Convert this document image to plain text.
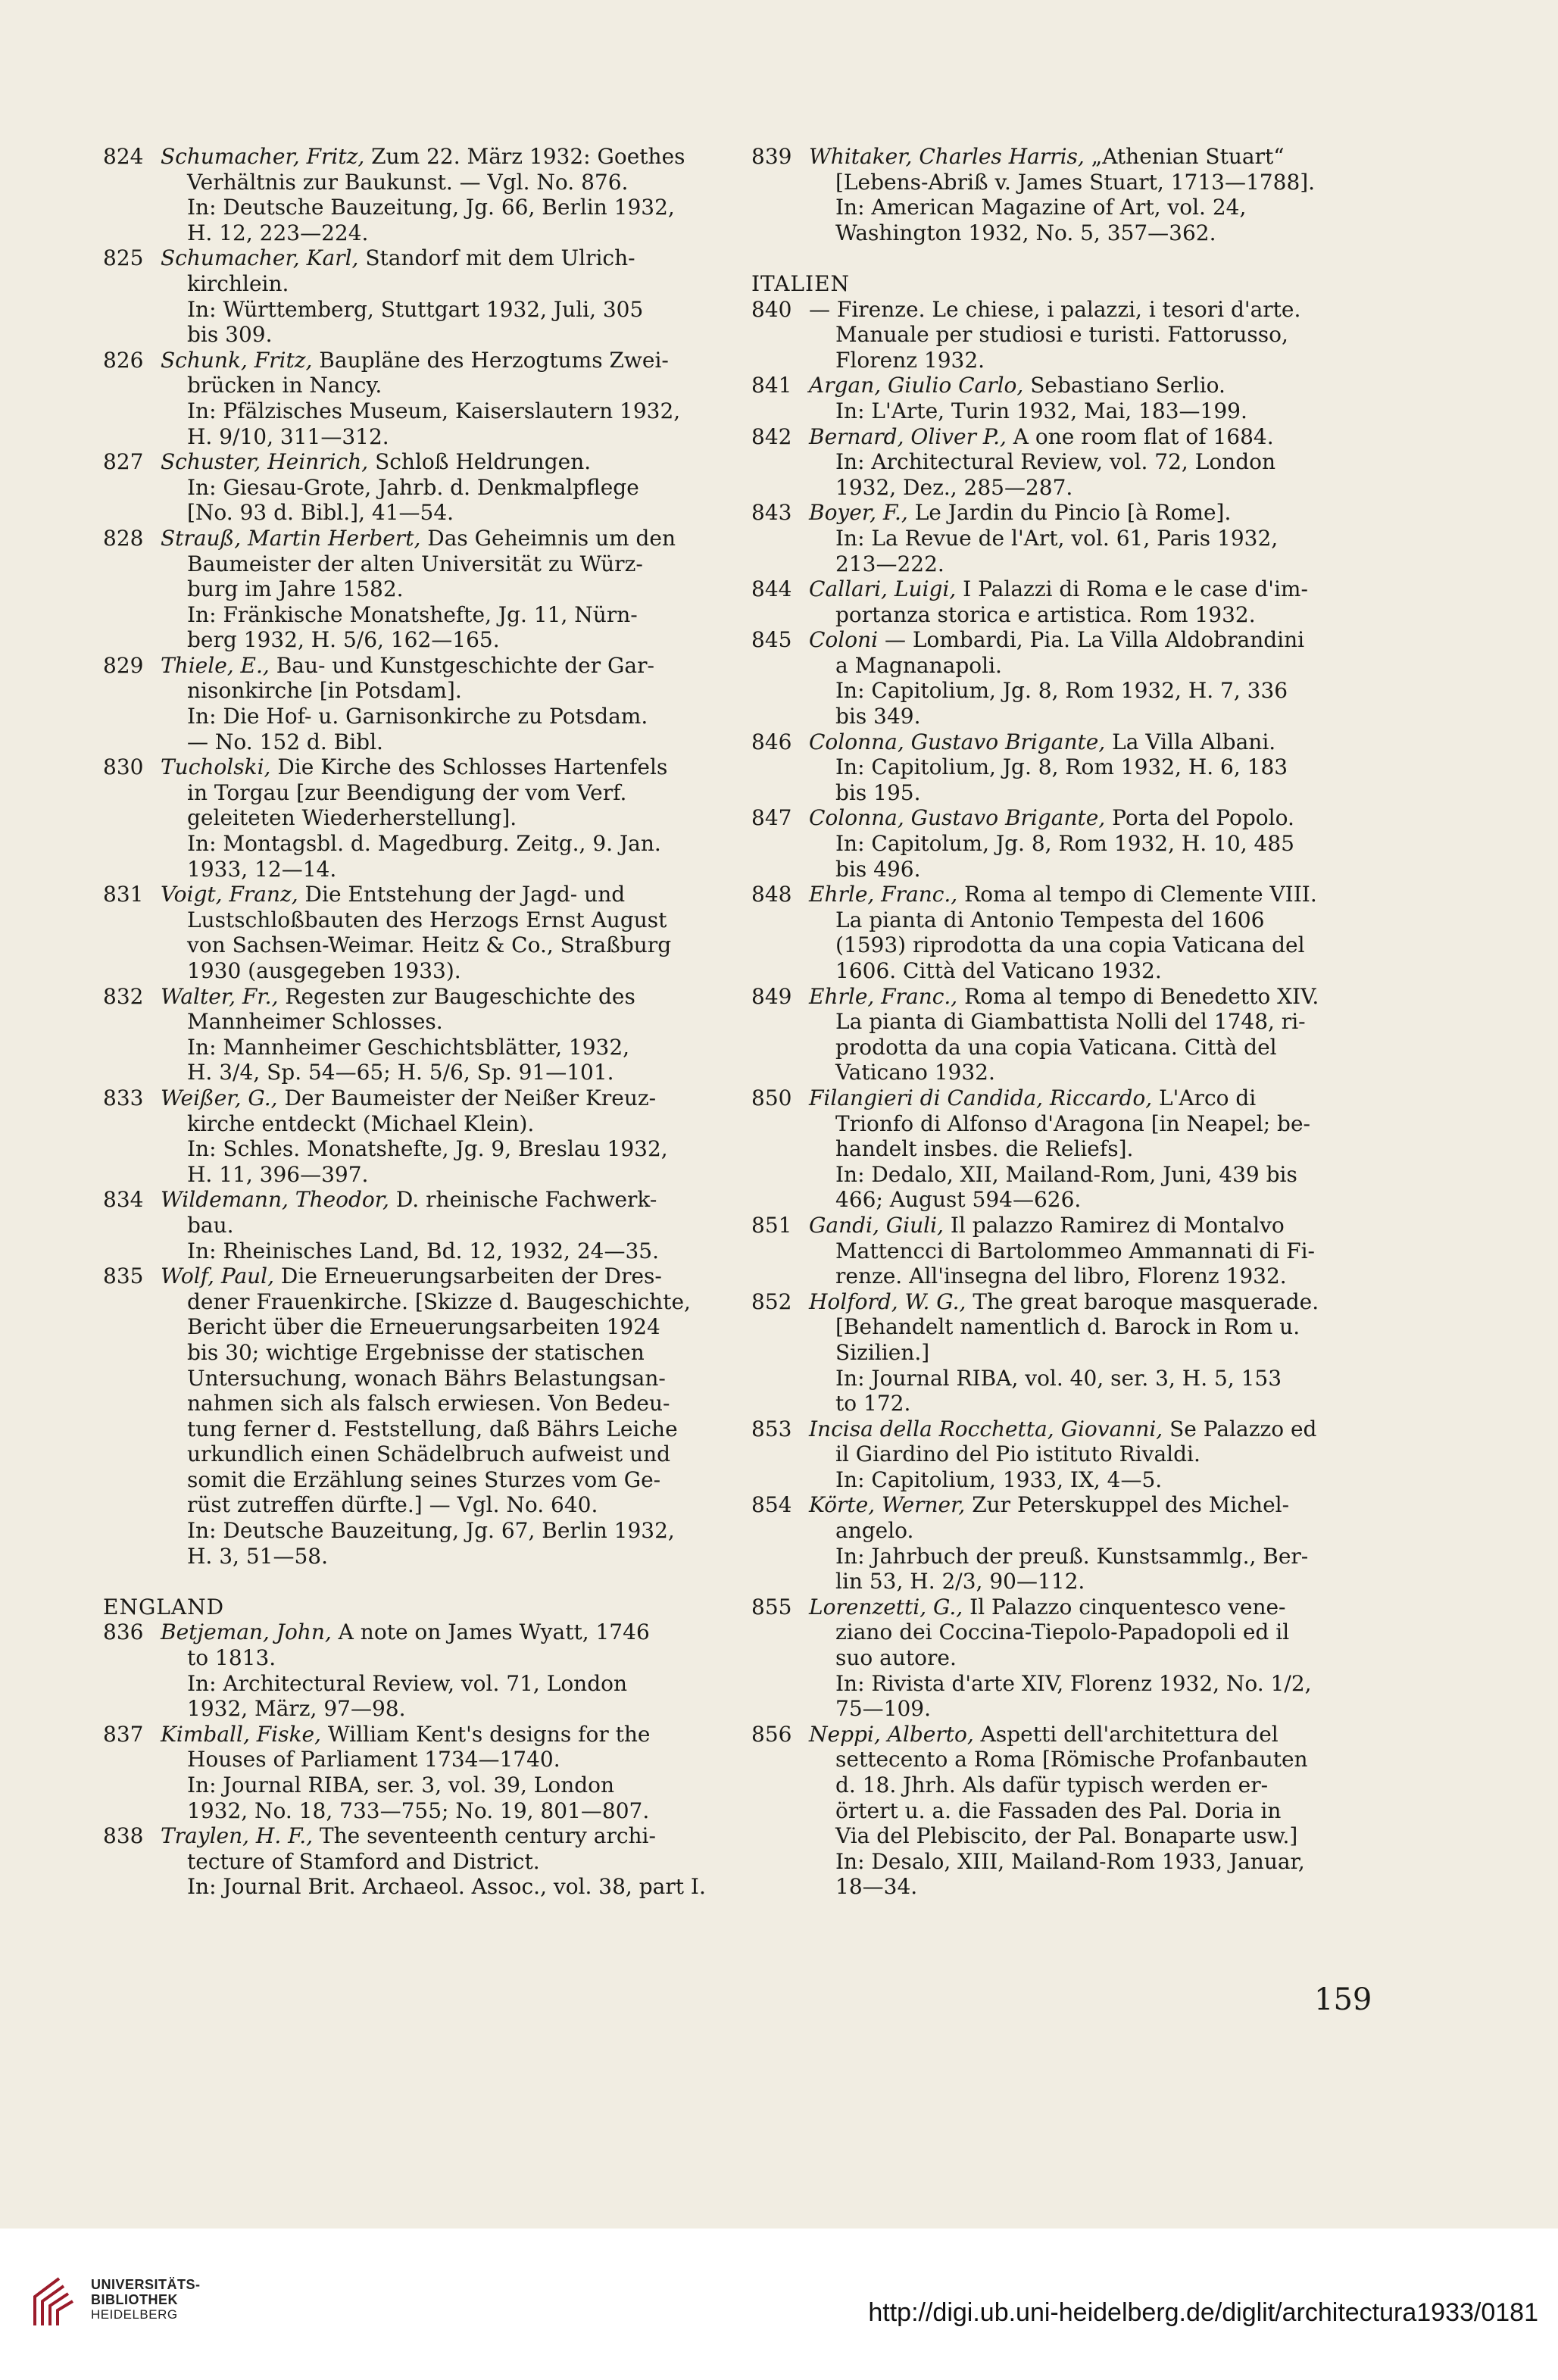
824 Schumacher, Fritz, Zum 22. März 1932: Goethes
Verhältnis zur Baukunst. — Vgl. No. 876.
In: Deutsche Bauzeitung, Jg. 66, Berlin 1932,
H. 12, 223—224.
825 Schumacher, Karl, Standorf mit dem Ulrich-
kirchlein.
In: Württemberg, Stuttgart 1932, Juli, 305
bis 309.
826 Schunk, Fritz, Baupläne des Herzogtums Zwei-
brücken in Nancy.
In: Pfälzisches Museum, Kaiserslautern 1932,
H. 9/10, 311—312.
827 Schuster, Heinrich, Schloß Heldrungen.
In: Giesau-Grote, Jahrb. d. Denkmalpflege
[No. 93 d. Bibl.], 41—54.
828 Strauß, Martin Herbert, Das Geheimnis um den
Baumeister der alten Universität zu Würz-
burg im Jahre 1582.
In: Fränkische Monatshefte, Jg. 11, Nürn-
berg 1932, H. 5/6, 162—165.
829 Thiele, E., Bau- und Kunstgeschichte der Gar-
nisonkirche [in Potsdam].
In: Die Hof- u. Garnisonkirche zu Potsdam.
— No. 152 d. Bibl.
830 Tucholski, Die Kirche des Schlosses Hartenfels
in Torgau [zur Beendigung der vom Verf.
geleiteten Wiederherstellung].
In: Montagsbl. d. Magedburg. Zeitg., 9. Jan.
1933, 12—14.
831 Voigt, Franz, Die Entstehung der Jagd- und
Lustschloßbauten des Herzogs Ernst August
von Sachsen-Weimar. Heitz & Co., Straßburg
1930 (ausgegeben 1933).
832 Walter, Fr., Regesten zur Baugeschichte des
Mannheimer Schlosses.
In: Mannheimer Geschichtsblätter, 1932,
H. 3/4, Sp. 54—65; H. 5/6, Sp. 91—101.
833 Weißer, G., Der Baumeister der Neißer Kreuz-
kirche entdeckt (Michael Klein).
In: Schles. Monatshefte, Jg. 9, Breslau 1932,
H. 11, 396—397.
834 Wildemann, Theodor, D. rheinische Fachwerk-
bau.
In: Rheinisches Land, Bd. 12, 1932, 24—35.
835 Wolf, Paul, Die Erneuerungsarbeiten der Dres-
dener Frauenkirche. [Skizze d. Baugeschichte,
Bericht über die Erneuerungsarbeiten 1924
bis 30; wichtige Ergebnisse der statischen
Untersuchung, wonach Bährs Belastungsan-
nahmen sich als falsch erwiesen. Von Bedeu-
tung ferner d. Feststellung, daß Bährs Leiche
urkundlich einen Schädelbruch aufweist und
somit die Erzählung seines Sturzes vom Ge-
rüst zutreffen dürfte.] — Vgl. No. 640.
In: Deutsche Bauzeitung, Jg. 67, Berlin 1932,
H. 3, 51—58.
ENGLAND
836 Betjeman, John, A note on James Wyatt, 1746
to 1813.
In: Architectural Review, vol. 71, London
1932, März, 97—98.
837 Kimball, Fiske, William Kent's designs for the
Houses of Parliament 1734—1740.
In: Journal RIBA, ser. 3, vol. 39, London
1932, No. 18, 733—755; No. 19, 801—807.
838 Traylen, H. F., The seventeenth century archi-
tecture of Stamford and District.
In: Journal Brit. Archaeol. Assoc., vol. 38, part I.
839 Whitaker, Charles Harris, „Athenian Stuart“
[Lebens-Abriß v. James Stuart, 1713—1788].
In: American Magazine of Art, vol. 24,
Washington 1932, No. 5, 357—362.
ITALIEN
840 — Firenze. Le chiese, i palazzi, i tesori d'arte.
Manuale per studiosi e turisti. Fattorusso,
Florenz 1932.
841 Argan, Giulio Carlo, Sebastiano Serlio.
In: L'Arte, Turin 1932, Mai, 183—199.
842 Bernard, Oliver P., A one room flat of 1684.
In: Architectural Review, vol. 72, London
1932, Dez., 285—287.
843 Boyer, F., Le Jardin du Pincio [à Rome].
In: La Revue de l'Art, vol. 61, Paris 1932,
213—222.
844 Callari, Luigi, I Palazzi di Roma e le case d'im-
portanza storica e artistica. Rom 1932.
845 Coloni — Lombardi, Pia. La Villa Aldobrandini
a Magnanapoli.
In: Capitolium, Jg. 8, Rom 1932, H. 7, 336
bis 349.
846 Colonna, Gustavo Brigante, La Villa Albani.
In: Capitolium, Jg. 8, Rom 1932, H. 6, 183
bis 195.
847 Colonna, Gustavo Brigante, Porta del Popolo.
In: Capitolum, Jg. 8, Rom 1932, H. 10, 485
bis 496.
848 Ehrle, Franc., Roma al tempo di Clemente VIII.
La pianta di Antonio Tempesta del 1606
(1593) riprodotta da una copia Vaticana del
1606. Città del Vaticano 1932.
849 Ehrle, Franc., Roma al tempo di Benedetto XIV.
La pianta di Giambattista Nolli del 1748, ri-
prodotta da una copia Vaticana. Città del
Vaticano 1932.
850 Filangieri di Candida, Riccardo, L'Arco di
Trionfo di Alfonso d'Aragona [in Neapel; be-
handelt insbes. die Reliefs].
In: Dedalo, XII, Mailand-Rom, Juni, 439 bis
466; August 594—626.
851 Gandi, Giuli, Il palazzo Ramirez di Montalvo
Mattencci di Bartolommeo Ammannati di Fi-
renze. All'insegna del libro, Florenz 1932.
852 Holford, W. G., The great baroque masquerade.
[Behandelt namentlich d. Barock in Rom u.
Sizilien.]
In: Journal RIBA, vol. 40, ser. 3, H. 5, 153
to 172.
853 Incisa della Rocchetta, Giovanni, Se Palazzo ed
il Giardino del Pio istituto Rivaldi.
In: Capitolium, 1933, IX, 4—5.
854 Körte, Werner, Zur Peterskuppel des Michel-
angelo.
In: Jahrbuch der preuß. Kunstsammlg., Ber-
lin 53, H. 2/3, 90—112.
855 Lorenzetti, G., Il Palazzo cinquentesco vene-
ziano dei Coccina-Tiepolo-Papadopoli ed il
suo autore.
In: Rivista d'arte XIV, Florenz 1932, No. 1/2,
75—109.
856 Neppi, Alberto, Aspetti dell'architettura del
settecento a Roma [Römische Profanbauten
d. 18. Jhrh. Als dafür typisch werden er-
örtert u. a. die Fassaden des Pal. Doria in
Via del Plebiscito, der Pal. Bonaparte usw.]
In: Desalo, XIII, Mailand-Rom 1933, Januar,
18—34.
159
UNIVERSITÄTS-
BIBLIOTHEK
HEIDELBERG	http://digi.ub.uni-heidelberg.de/diglit/architectura1933/0181
